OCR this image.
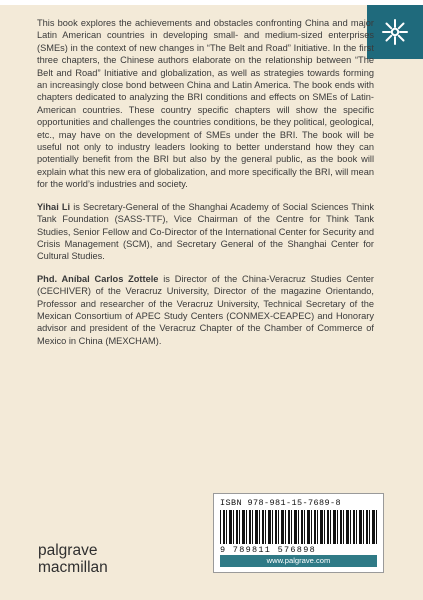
This book explores the achievements and obstacles confronting China and major Latin American countries in developing small- and medium-sized enterprises (SMEs) in the context of new changes in “The Belt and Road” Initiative. In the first three chapters, the Chinese authors elaborate on the relationship between “The Belt and Road” Initiative and globalization, as well as strategies towards forming an increasingly close bond between China and Latin America. The book ends with chapters dedicated to analyzing the BRI conditions and effects on SMEs of Latin-American countries. These country specific chapters will show the specific opportunities and challenges the countries conditions, be they political, geological, etc., may have on the development of SMEs under the BRI. The book will be useful not only to industry leaders looking to better understand how they can potentially benefit from the BRI but also by the general public, as the book will explain what this new era of globalization, and more specifically the BRI, will mean for the world’s industries and society.

Yihai Li is Secretary-General of the Shanghai Academy of Social Sciences Think Tank Foundation (SASS-TTF), Vice Chairman of the Centre for Think Tank Studies, Senior Fellow and Co-Director of the International Center for Security and Crisis Management (SCM), and Secretary General of the Shanghai Center for Cultural Studies.

Phd. Aníbal Carlos Zottele is Director of the China-Veracruz Studies Center (CECHIVER) of the Veracruz University, Director of the magazine Orientando, Professor and researcher of the Veracruz University, Technical Secretary of the Mexican Consortium of APEC Study Centers (CONMEX-CEAPEC) and Honorary advisor and president of the Veracruz Chapter of the Chamber of Commerce of Mexico in China (MEXCHAM).

ISBN 978-981-15-7689-8
9 789811 576898
www.palgrave.com
palgrave
macmillan
